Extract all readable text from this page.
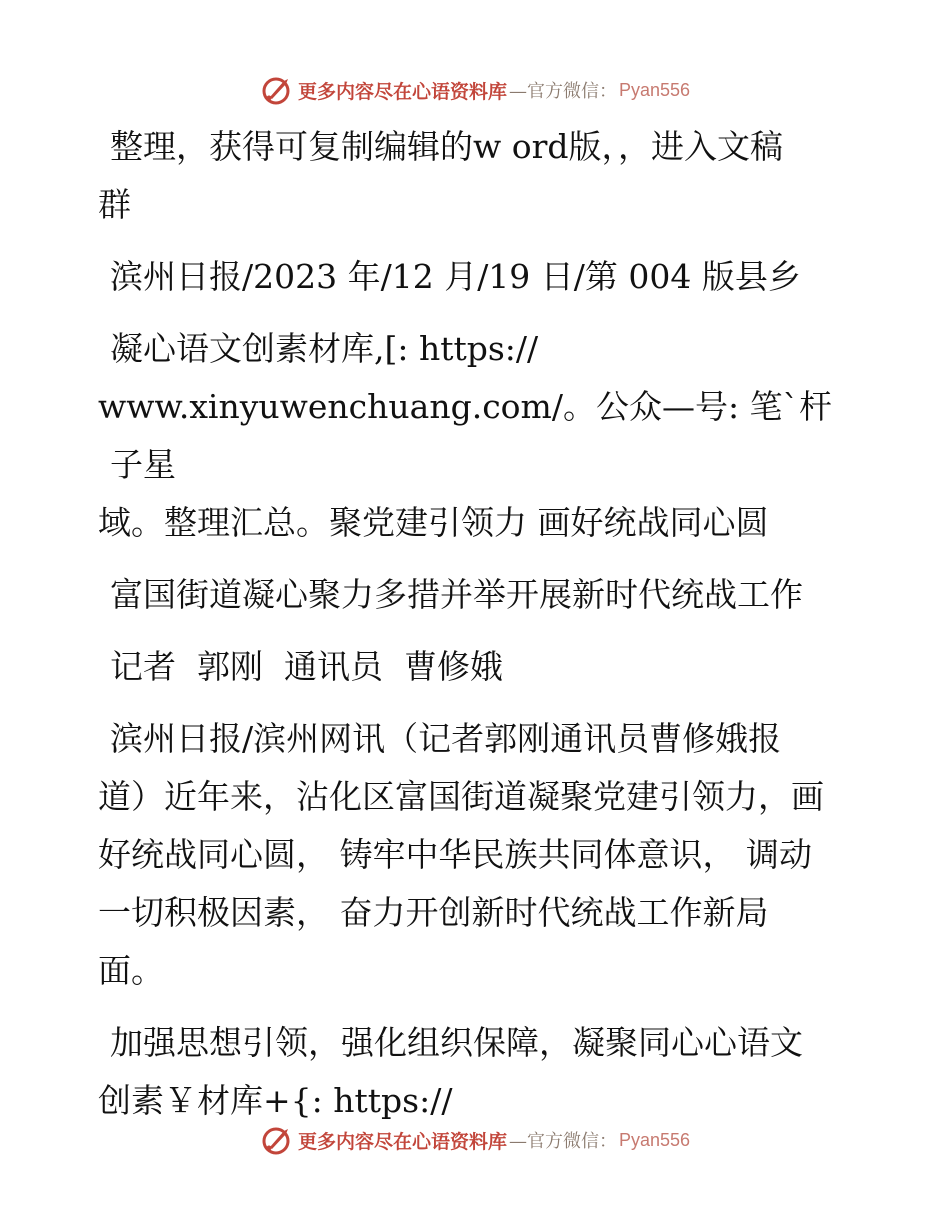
更多内容尽在心语资料库 —官方微信： Pyan556
整理，获得可复制编辑的w ord版，，进入文稿
群
滨州日报/2023 年/12 月/19 日/第 004 版县乡
凝心语文创素材库,[: https://
www.xinyuwenchuang.com/。公众—号: 笔`杆子星
域。整理汇总。聚党建引领力 画好统战同心圆
富国街道凝心聚力多措并举开展新时代统战工作
记者  郭刚  通讯员  曹修娥
滨州日报/滨州网讯（记者郭刚通讯员曹修娥报
道）近年来，沾化区富国街道凝聚党建引领力，画
好统战同心圆， 铸牢中华民族共同体意识， 调动
一切积极因素， 奋力开创新时代统战工作新局
面。
加强思想引领，强化组织保障，凝聚同心心语文
创素￥材库+{: https://
更多内容尽在心语资料库 —官方微信： Pyan556
